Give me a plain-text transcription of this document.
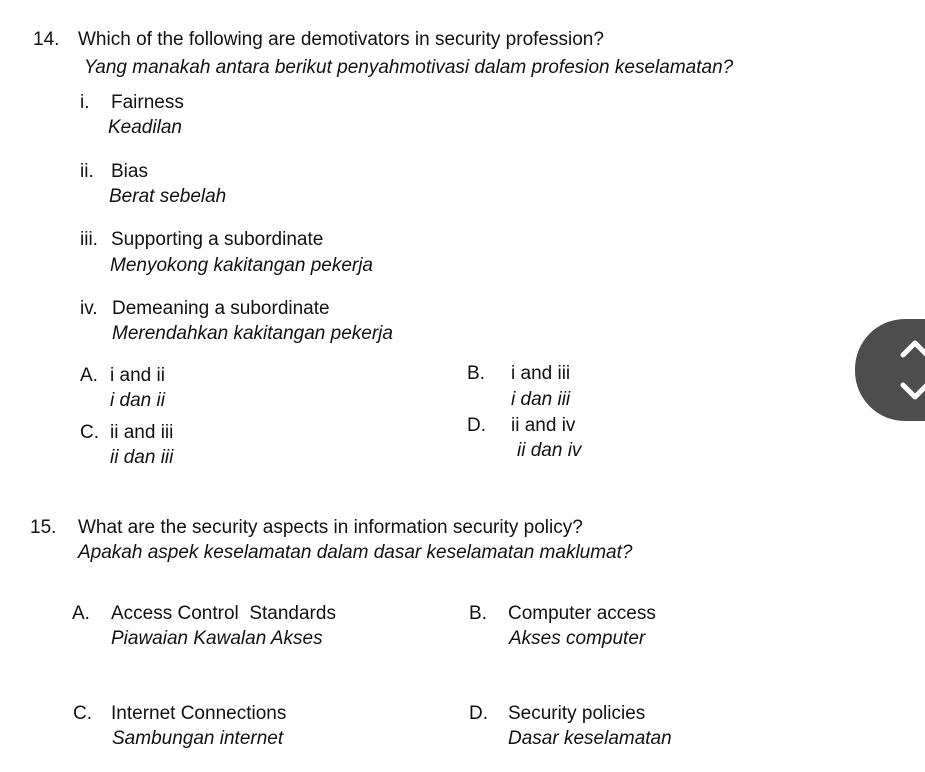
14. Which of the following are demotivators in security profession?
Yang manakah antara berikut penyahmotivasi dalam profesion keselamatan?
i. Fairness
Keadilan
ii. Bias
Berat sebelah
iii. Supporting a subordinate
Menyokong kakitangan pekerja
iv. Demeaning a subordinate
Merendahkan kakitangan pekerja
A. i and ii
i dan ii
B. i and iii
i dan iii
C. ii and iii
ii dan iii
D. ii and iv
ii dan iv
15. What are the security aspects in information security policy?
Apakah aspek keselamatan dalam dasar keselamatan maklumat?
A. Access Control  Standards
Piawaian Kawalan Akses
B. Computer access
Akses computer
C. Internet Connections
Sambungan internet
D. Security policies
Dasar keselamatan
